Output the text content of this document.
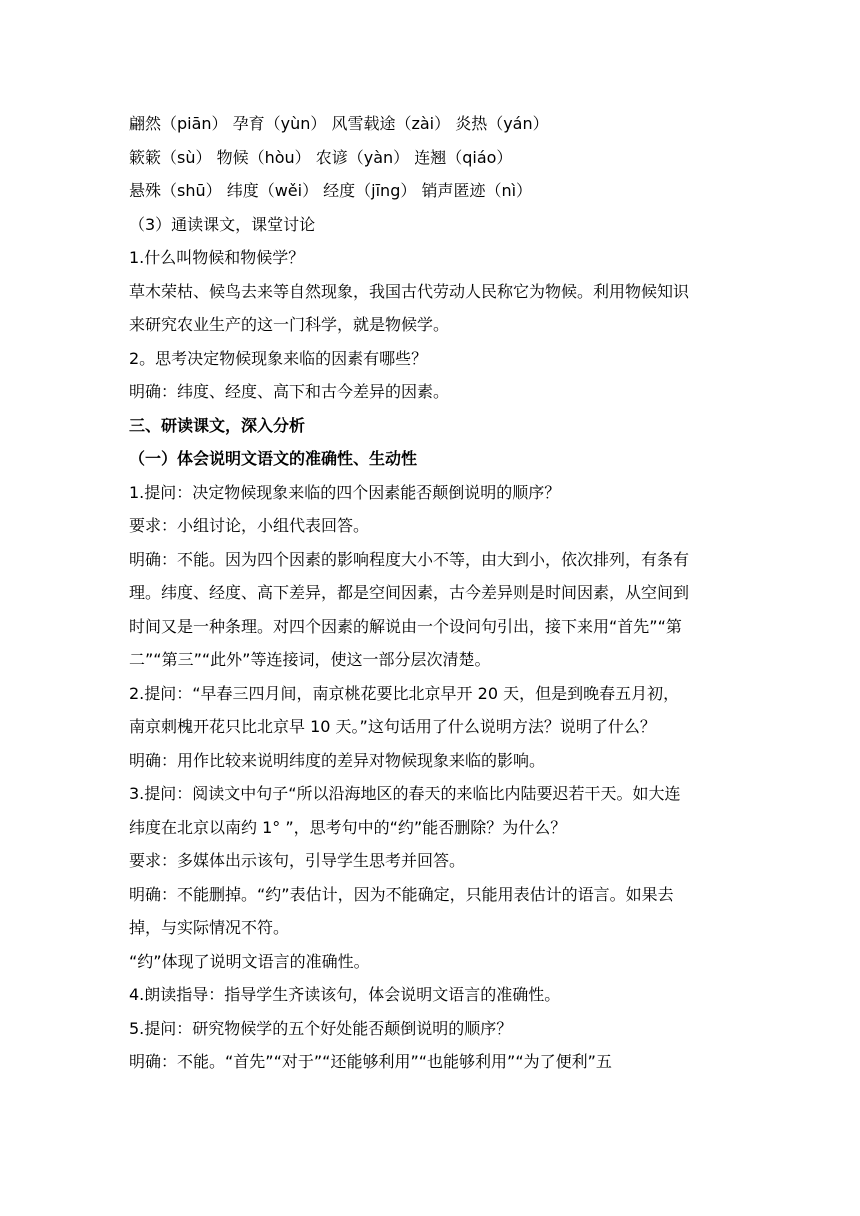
翩然（piān） 孕育（yùn） 风雪载途（zài） 炎热（yán）
簌簌（sù） 物候（hòu） 农谚（yàn） 连翘（qiáo）
悬殊（shū） 纬度（wěi） 经度（jīng） 销声匿迹（nì）
（3）通读课文，课堂讨论
1.什么叫物候和物候学？
草木荣枯、候鸟去来等自然现象，我国古代劳动人民称它为物候。利用物候知识
来研究农业生产的这一门科学，就是物候学。
2。思考决定物候现象来临的因素有哪些？
明确：纬度、经度、高下和古今差异的因素。
三、研读课文，深入分析
（一）体会说明文语文的准确性、生动性
1.提问：决定物候现象来临的四个因素能否颠倒说明的顺序？
要求：小组讨论，小组代表回答。
明确：不能。因为四个因素的影响程度大小不等，由大到小，依次排列，有条有
理。纬度、经度、高下差异，都是空间因素，古今差异则是时间因素，从空间到
时间又是一种条理。对四个因素的解说由一个设问句引出，接下来用“首先”“第
二”“第三”“此外”等连接词，使这一部分层次清楚。
2.提问：“早春三四月间，南京桃花要比北京早开 20 天，但是到晚春五月初，
南京刺槐开花只比北京早 10 天。”这句话用了什么说明方法？说明了什么？
明确：用作比较来说明纬度的差异对物候现象来临的影响。
3.提问：阅读文中句子“所以沿海地区的春天的来临比内陆要迟若干天。如大连
纬度在北京以南约 1° ”，思考句中的“约”能否删除？为什么？
要求：多媒体出示该句，引导学生思考并回答。
明确：不能删掉。“约”表估计，因为不能确定，只能用表估计的语言。如果去
掉，与实际情况不符。
“约”体现了说明文语言的准确性。
4.朗读指导：指导学生齐读该句，体会说明文语言的准确性。
5.提问：研究物候学的五个好处能否颠倒说明的顺序？
明确：不能。“首先”“对于”“还能够利用”“也能够利用”“为了便利”五
